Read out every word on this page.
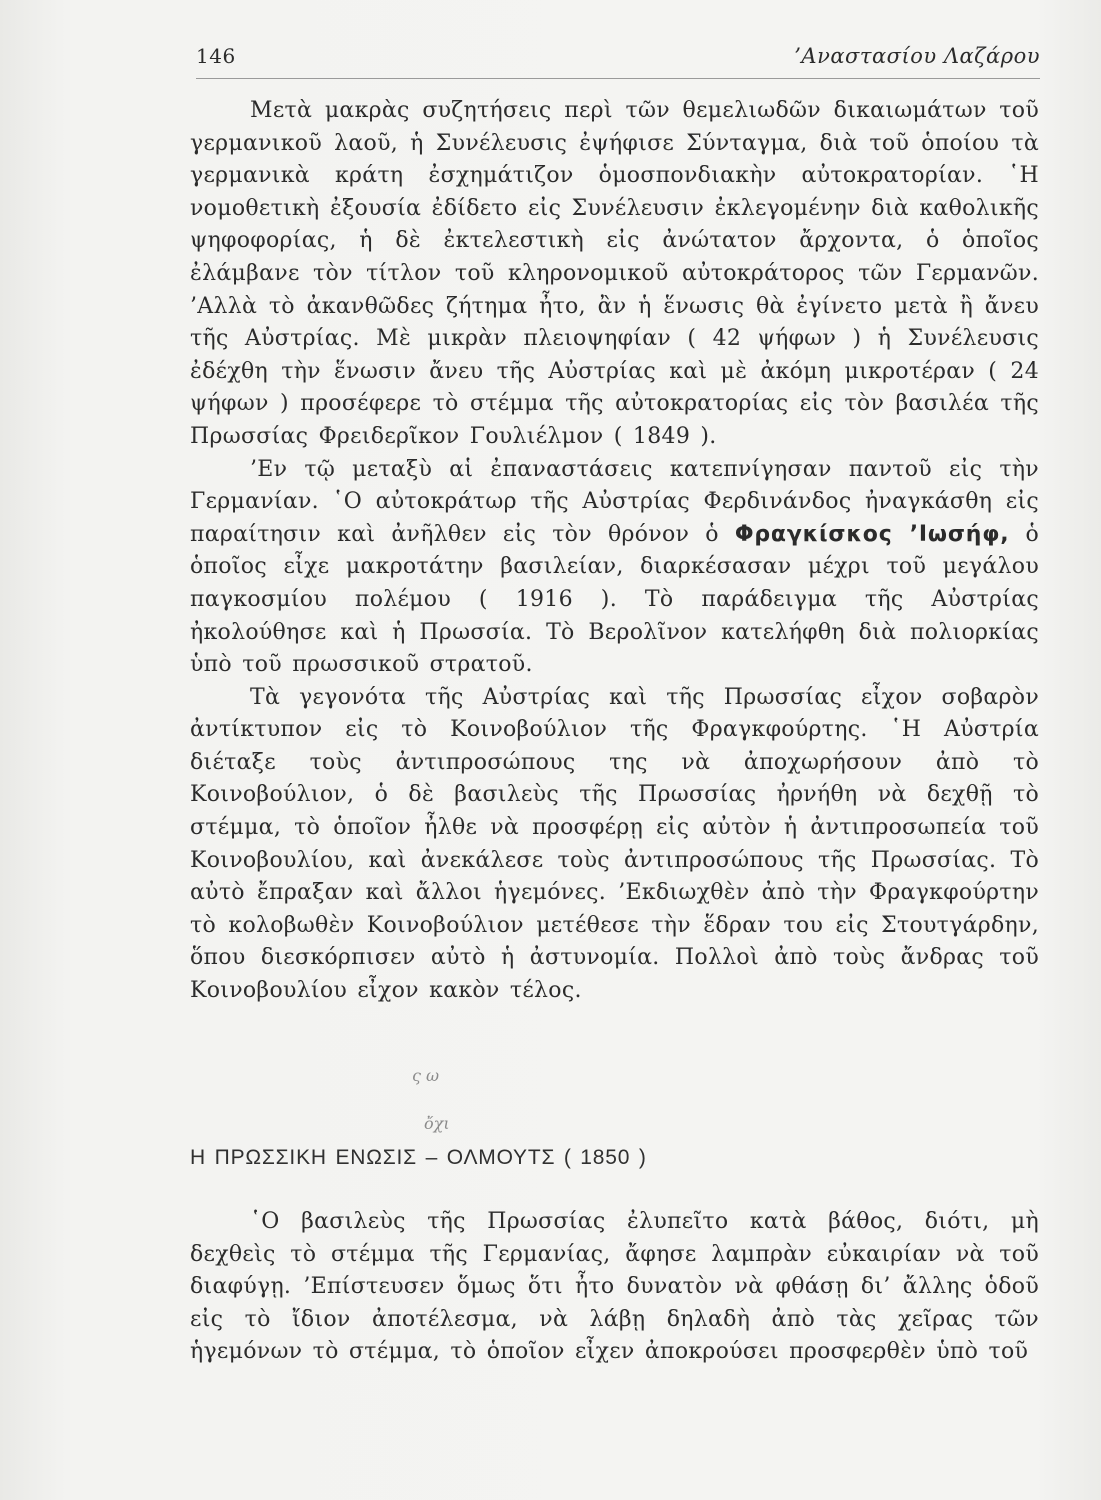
146	’Αναστασίου Λαζάρου

Μετὰ μακρὰς συζητήσεις περὶ τῶν θεμελιωδῶν δικαιωμάτων τοῦ γερμανικοῦ λαοῦ, ἡ Συνέλευσις ἐψήφισε Σύνταγμα, διὰ τοῦ ὁποίου τὰ γερμανικὰ κράτη ἐσχημάτιζον ὁμοσπονδιακὴν αὐτοκρατορίαν. ῾Η νομοθετικὴ ἐξουσία ἐδίδετο εἰς Συνέλευσιν ἐκλεγομένην διὰ καθολικῆς ψηφοφορίας, ἡ δὲ ἐκτελεστικὴ εἰς ἀνώτατον ἄρχοντα, ὁ ὁποῖος ἐλάμβανε τὸν τίτλον τοῦ κληρονομικοῦ αὐτοκράτορος τῶν Γερμανῶν. ’Αλλὰ τὸ ἀκανθῶδες ζήτημα ἦτο, ἂν ἡ ἕνωσις θὰ ἐγίνετο μετὰ ἢ ἄνευ τῆς Αὐστρίας. Μὲ μικρὰν πλειοψηφίαν ( 42 ψήφων ) ἡ Συνέλευσις ἐδέχθη τὴν ἕνωσιν ἄνευ τῆς Αὐστρίας καὶ μὲ ἀκόμη μικροτέραν ( 24 ψήφων ) προσέφερε τὸ στέμμα τῆς αὐτοκρατορίας εἰς τὸν βασιλέα τῆς Πρωσσίας Φρειδερῖκον Γουλιέλμον ( 1849 ).

’Εν τῷ μεταξὺ αἱ ἐπαναστάσεις κατεπνίγησαν παντοῦ εἰς τὴν Γερμανίαν. ῾Ο αὐτοκράτωρ τῆς Αὐστρίας Φερδινάνδος ἠναγκάσθη εἰς παραίτησιν καὶ ἀνῆλθεν εἰς τὸν θρόνον ὁ Φραγκίσκος ’Ιωσήφ, ὁ ὁποῖος εἶχε μακροτάτην βασιλείαν, διαρκέσασαν μέχρι τοῦ μεγάλου παγκοσμίου πολέμου ( 1916 ). Τὸ παράδειγμα τῆς Αὐστρίας ἠκολούθησε καὶ ἡ Πρωσσία. Τὸ Βερολῖνον κατελήφθη διὰ πολιορκίας ὑπὸ τοῦ πρωσσικοῦ στρατοῦ.

Τὰ γεγονότα τῆς Αὐστρίας καὶ τῆς Πρωσσίας εἶχον σοβαρὸν ἀντίκτυπον εἰς τὸ Κοινοβούλιον τῆς Φραγκφούρτης. ῾Η Αὐστρία διέταξε τοὺς ἀντιπροσώπους της νὰ ἀποχωρήσουν ἀπὸ τὸ Κοινοβούλιον, ὁ δὲ βασιλεὺς τῆς Πρωσσίας ἠρνήθη νὰ δεχθῇ τὸ στέμμα, τὸ ὁποῖον ἦλθε νὰ προσφέρῃ εἰς αὐτὸν ἡ ἀντιπροσωπεία τοῦ Κοινοβουλίου, καὶ ἀνεκάλεσε τοὺς ἀντιπροσώπους τῆς Πρωσσίας. Τὸ αὐτὸ ἔπραξαν καὶ ἄλλοι ἡγεμόνες. ’Εκδιωχθὲν ἀπὸ τὴν Φραγκφούρτην τὸ κολοβωθὲν Κοινοβούλιον μετέθεσε τὴν ἕδραν του εἰς Στουτγάρδην, ὅπου διεσκόρπισεν αὐτὸ ἡ ἀστυνομία. Πολλοὶ ἀπὸ τοὺς ἄνδρας τοῦ Κοινοβουλίου εἶχον κακὸν τέλος.

ς ω
ὄχι
Η ΠΡΩΣΣΙΚΗ ΕΝΩΣΙΣ – ΟΛΜΟΥΤΣ ( 1850 )

῾Ο βασιλεὺς τῆς Πρωσσίας ἐλυπεῖτο κατὰ βάθος, διότι, μὴ δεχθεὶς τὸ στέμμα τῆς Γερμανίας, ἄφησε λαμπρὰν εὐκαιρίαν νὰ τοῦ διαφύγῃ. ’Επίστευσεν ὅμως ὅτι ἦτο δυνατὸν νὰ φθάσῃ δι’ ἄλλης ὁδοῦ εἰς τὸ ἴδιον ἀποτέλεσμα, νὰ λάβῃ δηλαδὴ ἀπὸ τὰς χεῖρας τῶν ἡγεμόνων τὸ στέμμα, τὸ ὁποῖον εἶχεν ἀποκρούσει προσφερθὲν ὑπὸ τοῦ
